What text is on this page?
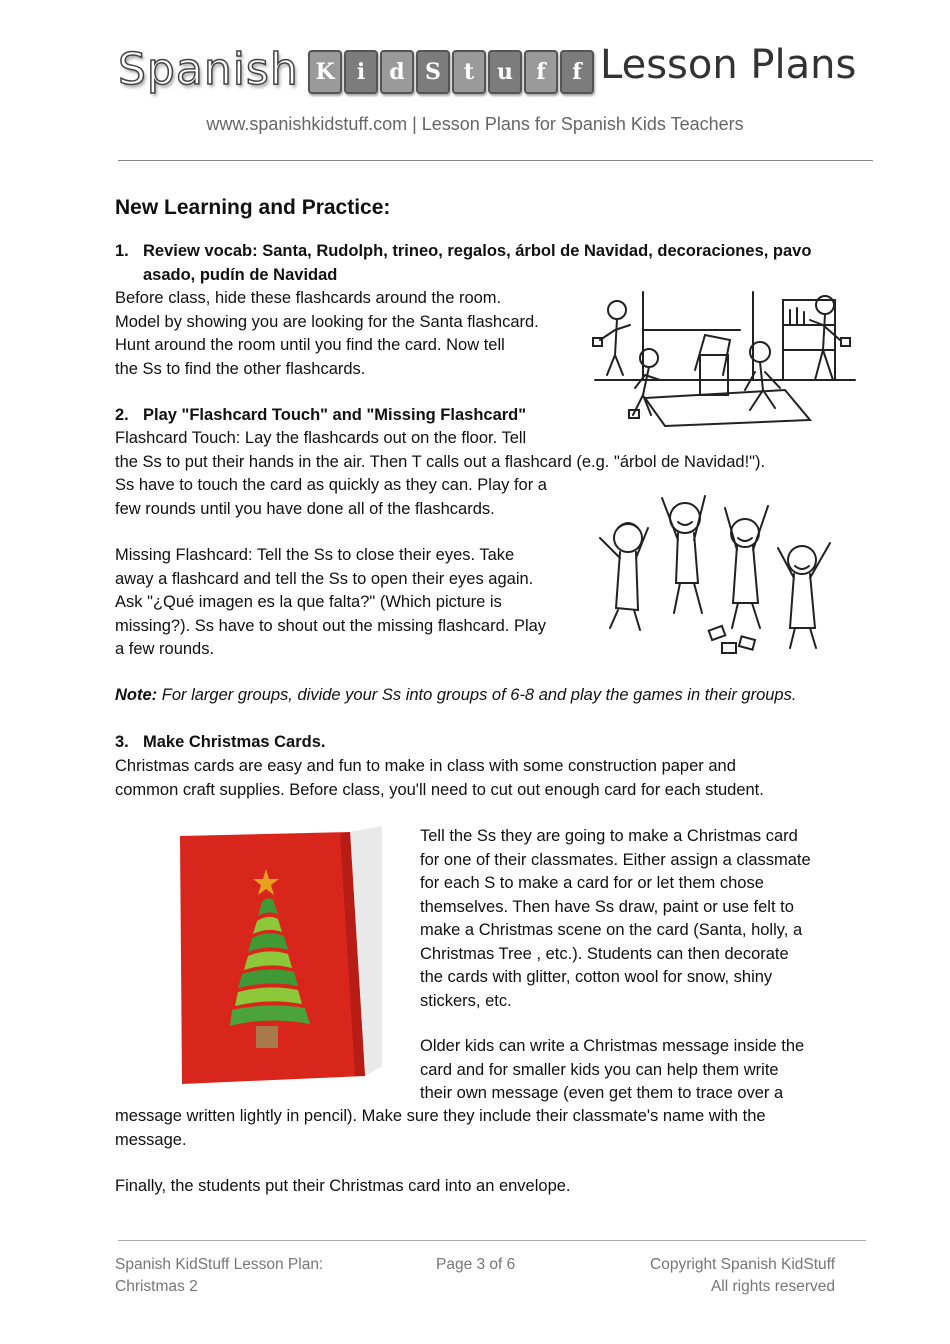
Spanish K	i	d S	t	u	f	f Lesson Plans
www.spanishkidstuff.com | Lesson Plans for Spanish Kids Teachers
New Learning and Practice:
1. Review vocab: Santa, Rudolph, trineo, regalos, árbol de Navidad, decoraciones, pavo
asado, pudín de Navidad
Before class, hide these flashcards around the room.
Model by showing you are looking for the Santa flashcard.
Hunt around the room until you find the card. Now tell
the Ss to find the other flashcards.
2. Play "Flashcard Touch" and "Missing Flashcard"
Flashcard Touch: Lay the flashcards out on the floor. Tell
the Ss to put their hands in the air. Then T calls out a flashcard (e.g. "árbol de Navidad!").
Ss have to touch the card as quickly as they can. Play for a
few rounds until you have done all of the flashcards.
Missing Flashcard: Tell the Ss to close their eyes. Take
away a flashcard and tell the Ss to open their eyes again.
Ask "¿Qué imagen es la que falta?" (Which picture is
missing?). Ss have to shout out the missing flashcard. Play
a few rounds.
Note: For larger groups, divide your Ss into groups of 6-8 and play the games in their groups.
3. Make Christmas Cards.
Christmas cards are easy and fun to make in class with some construction paper and
common craft supplies. Before class, you'll need to cut out enough card for each student.
Tell the Ss they are going to make a Christmas card
for one of their classmates. Either assign a classmate
for each S to make a card for or let them chose
themselves. Then have Ss draw, paint or use felt to
make a Christmas scene on the card (Santa, holly, a
Christmas Tree , etc.). Students can then decorate
the cards with glitter, cotton wool for snow, shiny
stickers, etc.
Older kids can write a Christmas message inside the
card and for smaller kids you can help them write
their own message (even get them to trace over a
message written lightly in pencil). Make sure they include their classmate's name with the
message.
Finally, the students put their Christmas card into an envelope.
Spanish KidStuff Lesson Plan:
Christmas 2
Page 3 of 6	Copyright Spanish KidStuff
All rights reserved
